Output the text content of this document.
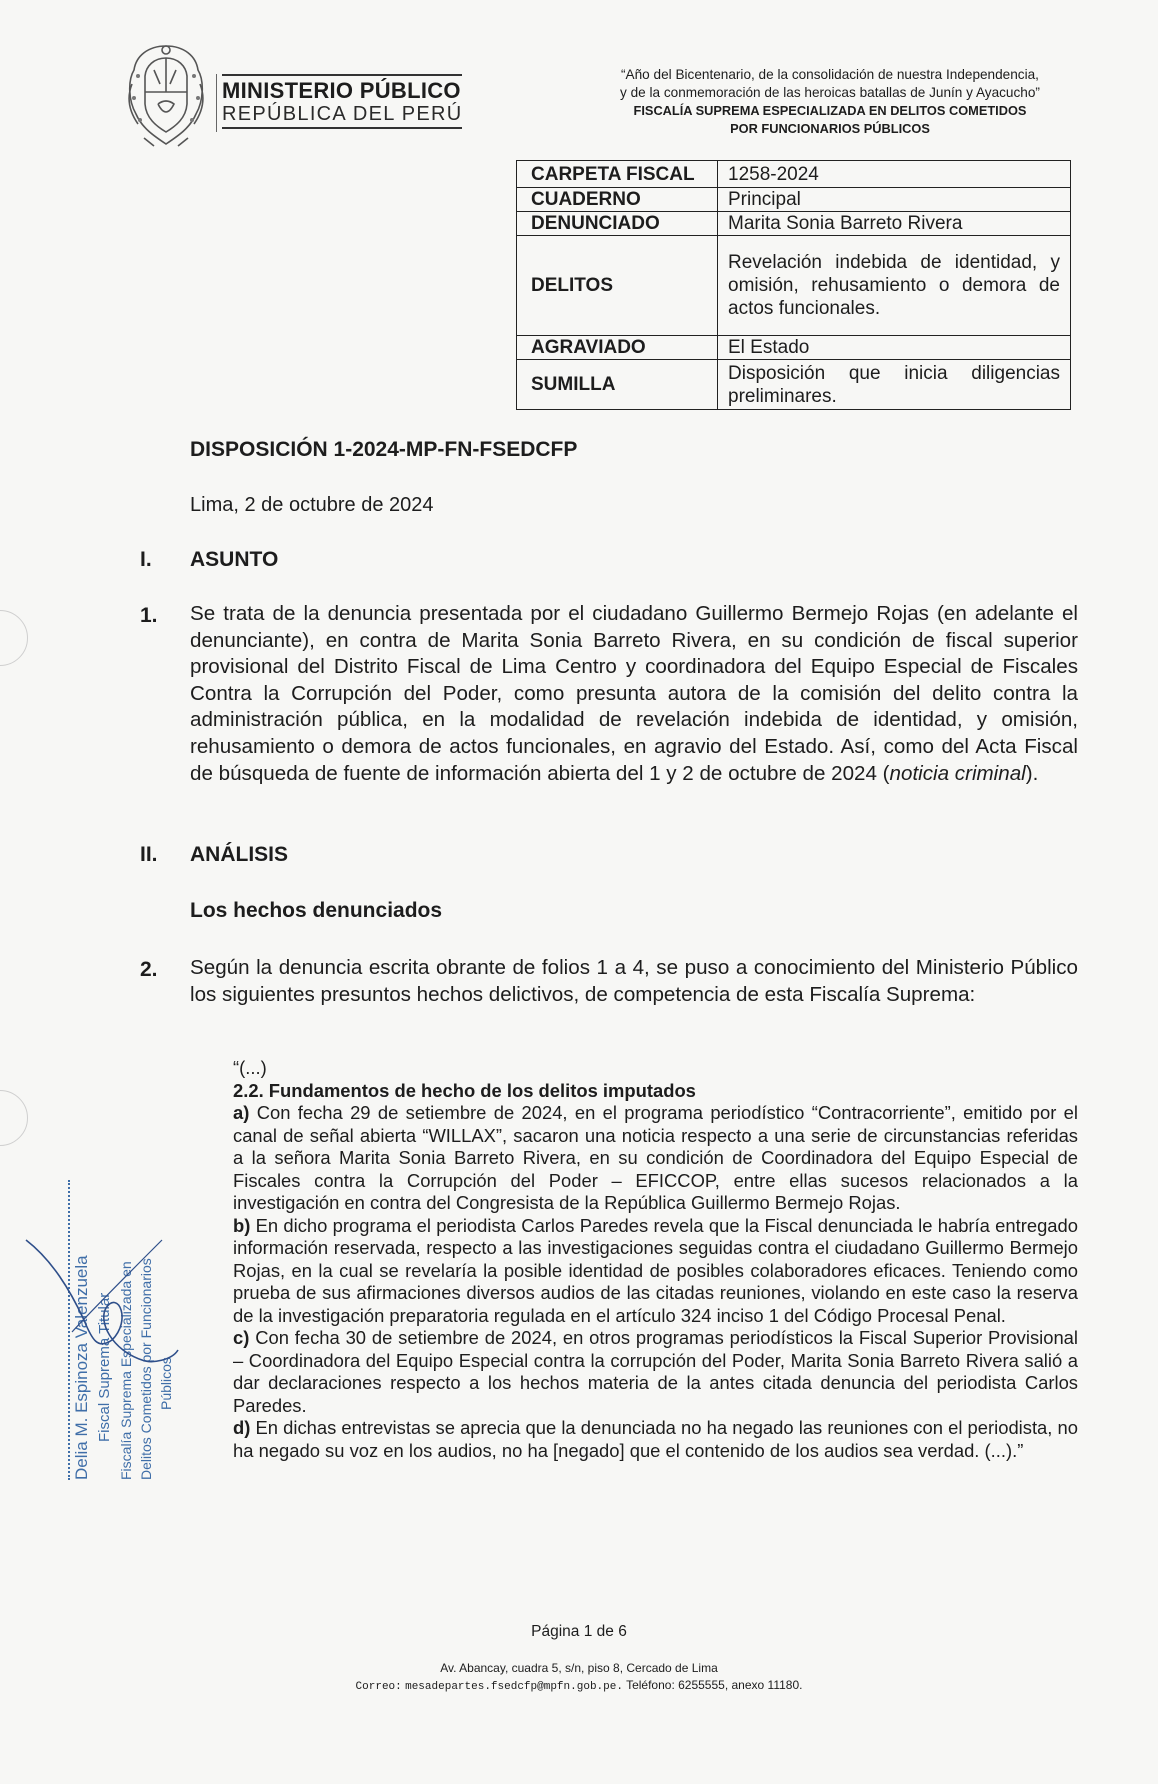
MINISTERIO PÚBLICO
REPÚBLICA DEL PERÚ
“Año del Bicentenario, de la consolidación de nuestra Independencia,
y de la conmemoración de las heroicas batallas de Junín y Ayacucho”
FISCALÍA SUPREMA ESPECIALIZADA EN DELITOS COMETIDOS
POR FUNCIONARIOS PÚBLICOS
CARPETA FISCAL	1258-2024
CUADERNO	Principal
DENUNCIADO	Marita Sonia Barreto Rivera
DELITOS	Revelación indebida de identidad, y omisión, rehusamiento o demora de actos funcionales.
AGRAVIADO	El Estado
SUMILLA	Disposición que inicia diligencias preliminares.
DISPOSICIÓN 1-2024-MP-FN-FSEDCFP
Lima, 2 de octubre de 2024
I. ASUNTO
1. Se trata de la denuncia presentada por el ciudadano Guillermo Bermejo Rojas (en adelante el denunciante), en contra de Marita Sonia Barreto Rivera, en su condición de fiscal superior provisional del Distrito Fiscal de Lima Centro y coordinadora del Equipo Especial de Fiscales Contra la Corrupción del Poder, como presunta autora de la comisión del delito contra la administración pública, en la modalidad de revelación indebida de identidad, y omisión, rehusamiento o demora de actos funcionales, en agravio del Estado. Así, como del Acta Fiscal de búsqueda de fuente de información abierta del 1 y 2 de octubre de 2024 (noticia criminal).
II. ANÁLISIS
Los hechos denunciados
2. Según la denuncia escrita obrante de folios 1 a 4, se puso a conocimiento del Ministerio Público los siguientes presuntos hechos delictivos, de competencia de esta Fiscalía Suprema:
“(...)
2.2. Fundamentos de hecho de los delitos imputados
a) Con fecha 29 de setiembre de 2024, en el programa periodístico “Contracorriente”, emitido por el canal de señal abierta “WILLAX”, sacaron una noticia respecto a una serie de circunstancias referidas a la señora Marita Sonia Barreto Rivera, en su condición de Coordinadora del Equipo Especial de Fiscales contra la Corrupción del Poder – EFICCOP, entre ellas sucesos relacionados a la investigación en contra del Congresista de la República Guillermo Bermejo Rojas.
b) En dicho programa el periodista Carlos Paredes revela que la Fiscal denunciada le habría entregado información reservada, respecto a las investigaciones seguidas contra el ciudadano Guillermo Bermejo Rojas, en la cual se revelaría la posible identidad de posibles colaboradores eficaces. Teniendo como prueba de sus afirmaciones diversos audios de las citadas reuniones, violando en este caso la reserva de la investigación preparatoria regulada en el artículo 324 inciso 1 del Código Procesal Penal.
c) Con fecha 30 de setiembre de 2024, en otros programas periodísticos la Fiscal Superior Provisional – Coordinadora del Equipo Especial contra la corrupción del Poder, Marita Sonia Barreto Rivera salió a dar declaraciones respecto a los hechos materia de la antes citada denuncia del periodista Carlos Paredes.
d) En dichas entrevistas se aprecia que la denunciada no ha negado las reuniones con el periodista, no ha negado su voz en los audios, no ha [negado] que el contenido de los audios sea verdad. (...).”
Delia M. Espinoza Valenzuela Fiscal Suprema Titular Fiscalía Suprema Especializada en Delitos Cometidos por Funcionarios Públicos
Página 1 de 6
Av. Abancay, cuadra 5, s/n, piso 8, Cercado de Lima
Correo: mesadepartes.fsedcfp@mpfn.gob.pe. Teléfono: 6255555, anexo 11180.
